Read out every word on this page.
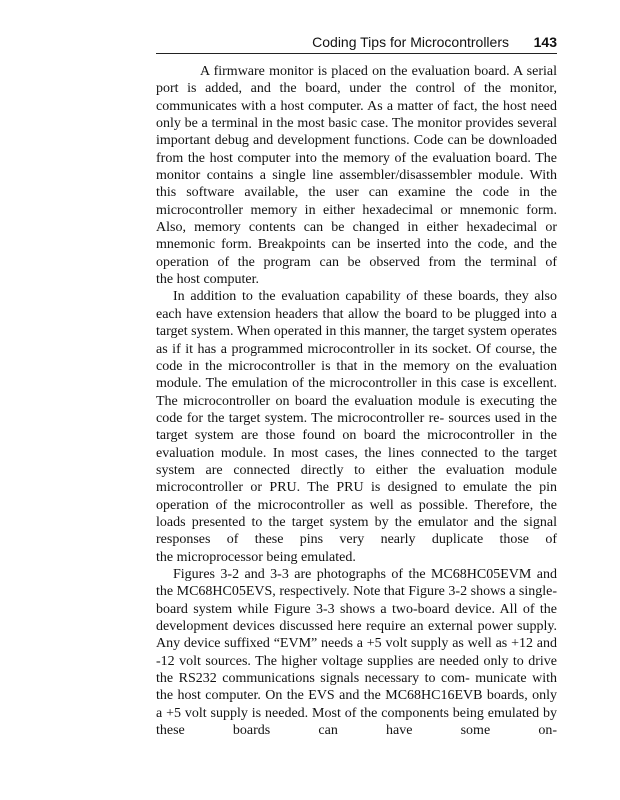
Coding Tips for Microcontrollers 143

A firmware monitor is placed on the evaluation board. A serial port is added, and the board, under the control of the monitor, communicates with a host computer. As a matter of fact, the host need only be a terminal in the most basic case. The monitor provides several important debug and development functions. Code can be downloaded from the host computer into the memory of the evaluation board. The monitor contains a single line assembler/disassembler module. With this software available, the user can examine the code in the microcontroller memory in either hexadecimal or mnemonic form. Also, memory contents can be changed in either hexadecimal or mnemonic form. Breakpoints can be inserted into the code, and the operation of the program can be observed from the terminal of
the host computer.

In addition to the evaluation capability of these boards, they also each have extension headers that allow the board to be plugged into a target system. When operated in this manner, the target system operates as if it has a programmed microcontroller in its socket. Of course, the code in the microcontroller is that in the memory on the evaluation module. The emulation of the microcontroller in this case is excellent. The microcontroller on board the evaluation module is executing the code for the target system. The microcontroller re- sources used in the target system are those found on board the microcontroller in the evaluation module. In most cases, the lines connected to the target system are connected directly to either the evaluation module microcontroller or PRU. The PRU is designed to emulate the pin operation of the microcontroller as well as possible. Therefore, the loads presented to the target system by the emulator and the signal responses of these pins very nearly duplicate those of
the microprocessor being emulated.

Figures 3-2 and 3-3 are photographs of the MC68HC05EVM and the MC68HC05EVS, respectively. Note that Figure 3-2 shows a single-board system while Figure 3-3 shows a two-board device. All of the development devices discussed here require an external power supply. Any device suffixed “EVM” needs a +5 volt supply as well as +12 and -12 volt sources. The higher voltage supplies are needed only to drive the RS232 communications signals necessary to com- municate with the host computer. On the EVS and the MC68HC16EVB boards, only a +5 volt supply is needed. Most of the components being emulated by these boards can have some on-
